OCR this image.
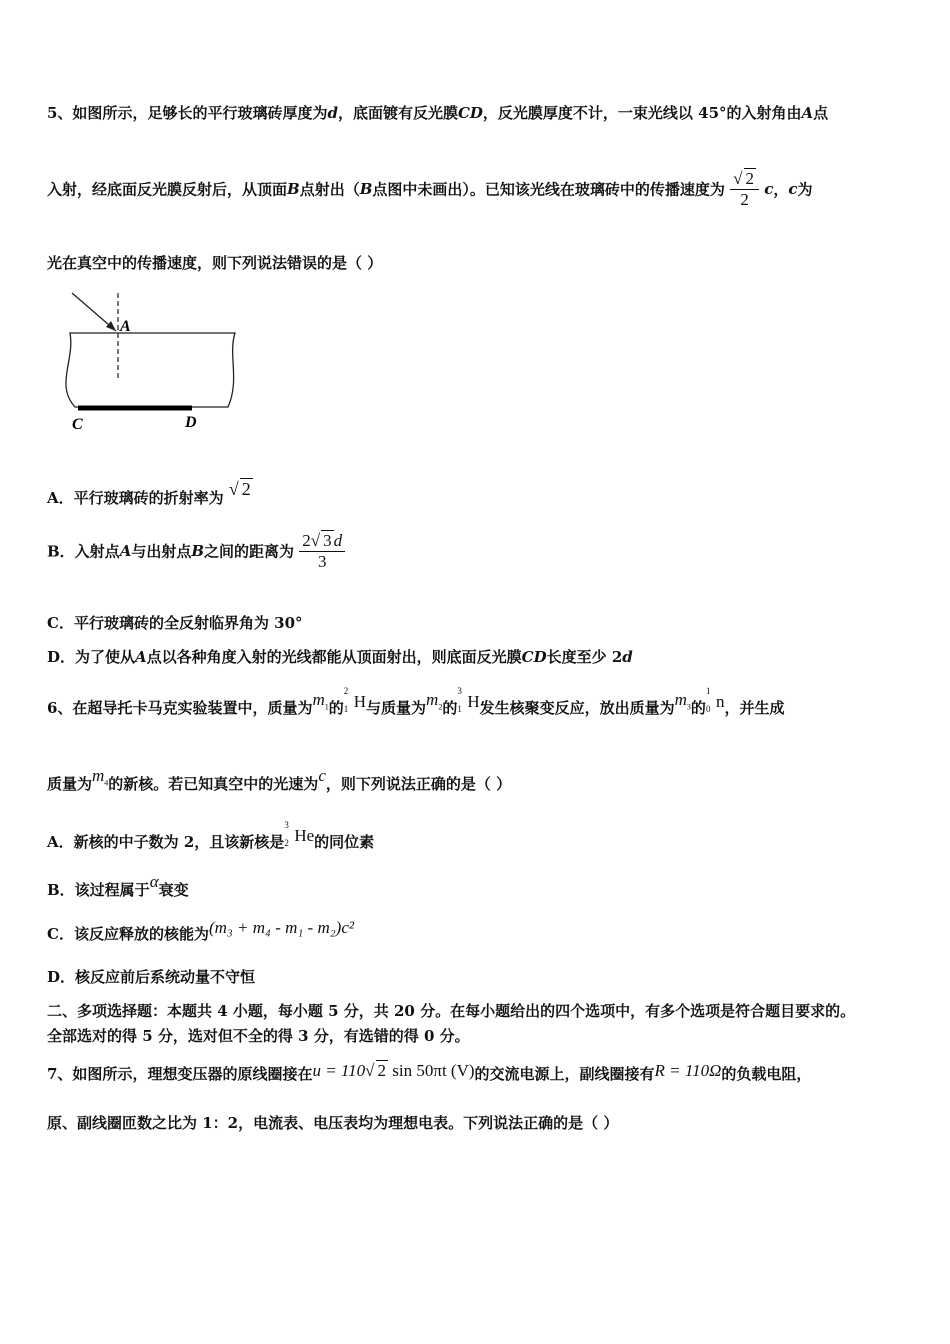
5、如图所示，足够长的平行玻璃砖厚度为d，底面镀有反光膜CD，反光膜厚度不计，一束光线以 45°的入射角由A点
入射，经底面反光膜反射后，从顶面B点射出（B点图中未画出）。已知该光线在玻璃砖中的传播速度为 $\frac{√ 2}{2}$ c，c为
光在真空中的传播速度，则下列说法错误的是（ ）
A
C	D
A．平行玻璃砖的折射率为 √ 2
B．入射点A与出射点B之间的距离为 $\frac{2√ 3 d}{3}$
C．平行玻璃砖的全反射临界角为 30°
D．为了使从A点以各种角度入射的光线都能从顶面射出，则底面反光膜CD长度至少 2d
6、在超导托卡马克实验装置中，质量为$m_1$的
2
1 H与质量为$m_2$的
3
1 H发生核聚变反应，放出质量为$m_3$的
1
0 n，并生成
质量为$m_4$的新核。若已知真空中的光速为c，则下列说法正确的是（ ）
A．新核的中子数为 2，且该新核是
3
2 He的同位素
B．该过程属于α衰变
C．该反应释放的核能为(m₃ + m₄ - m₁ - m₂)c²
D．核反应前后系统动量不守恒
二、多项选择题：本题共 4 小题，每小题 5 分，共 20 分。在每小题给出的四个选项中，有多个选项是符合题目要求的。
全部选对的得 5 分，选对但不全的得 3 分，有选错的得 0 分。
7、如图所示，理想变压器的原线圈接在u = 110√ 2 sin 50πt (V)的交流电源上，副线圈接有R = 110Ω的负载电阻，
原、副线圈匝数之比为 1：2，电流表、电压表均为理想电表。下列说法正确的是（ ）
